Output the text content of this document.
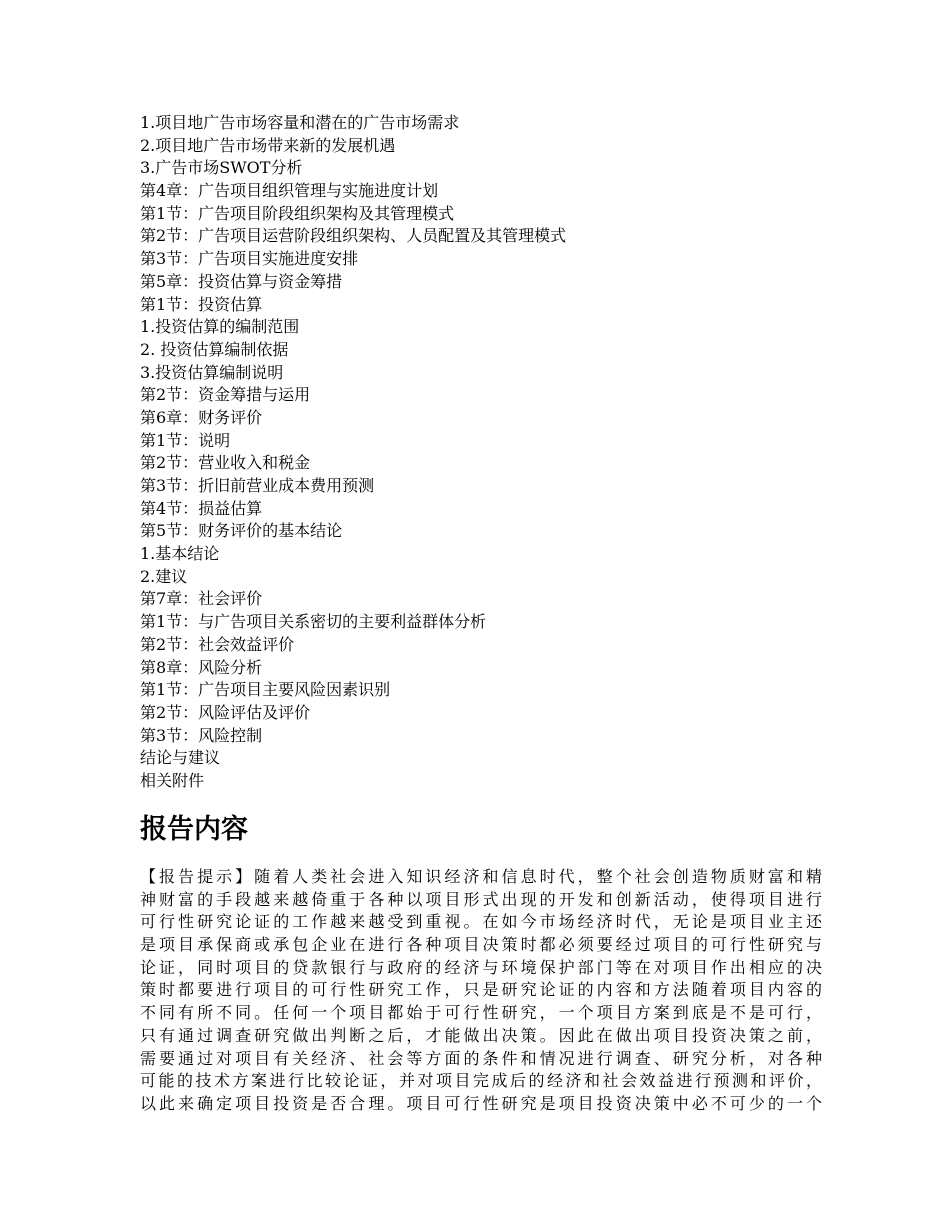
1.项目地广告市场容量和潜在的广告市场需求
2.项目地广告市场带来新的发展机遇
3.广告市场SWOT分析
第4章：广告项目组织管理与实施进度计划
第1节：广告项目阶段组织架构及其管理模式
第2节：广告项目运营阶段组织架构、人员配置及其管理模式
第3节：广告项目实施进度安排
第5章：投资估算与资金筹措
第1节：投资估算
1.投资估算的编制范围
2. 投资估算编制依据
3.投资估算编制说明
第2节：资金筹措与运用
第6章：财务评价
第1节：说明
第2节：营业收入和税金
第3节：折旧前营业成本费用预测
第4节：损益估算
第5节：财务评价的基本结论
1.基本结论
2.建议
第7章：社会评价
第1节：与广告项目关系密切的主要利益群体分析
第2节：社会效益评价
第8章：风险分析
第1节：广告项目主要风险因素识别
第2节：风险评估及评价
第3节：风险控制
结论与建议
相关附件
报告内容
【报告提示】随着人类社会进入知识经济和信息时代，整个社会创造物质财富和精
神财富的手段越来越倚重于各种以项目形式出现的开发和创新活动，使得项目进行
可行性研究论证的工作越来越受到重视。在如今市场经济时代，无论是项目业主还
是项目承保商或承包企业在进行各种项目决策时都必须要经过项目的可行性研究与
论证，同时项目的贷款银行与政府的经济与环境保护部门等在对项目作出相应的决
策时都要进行项目的可行性研究工作，只是研究论证的内容和方法随着项目内容的
不同有所不同。任何一个项目都始于可行性研究，一个项目方案到底是不是可行，
只有通过调查研究做出判断之后，才能做出决策。因此在做出项目投资决策之前，
需要通过对项目有关经济、社会等方面的条件和情况进行调查、研究分析，对各种
可能的技术方案进行比较论证，并对项目完成后的经济和社会效益进行预测和评价，
以此来确定项目投资是否合理。项目可行性研究是项目投资决策中必不可少的一个
